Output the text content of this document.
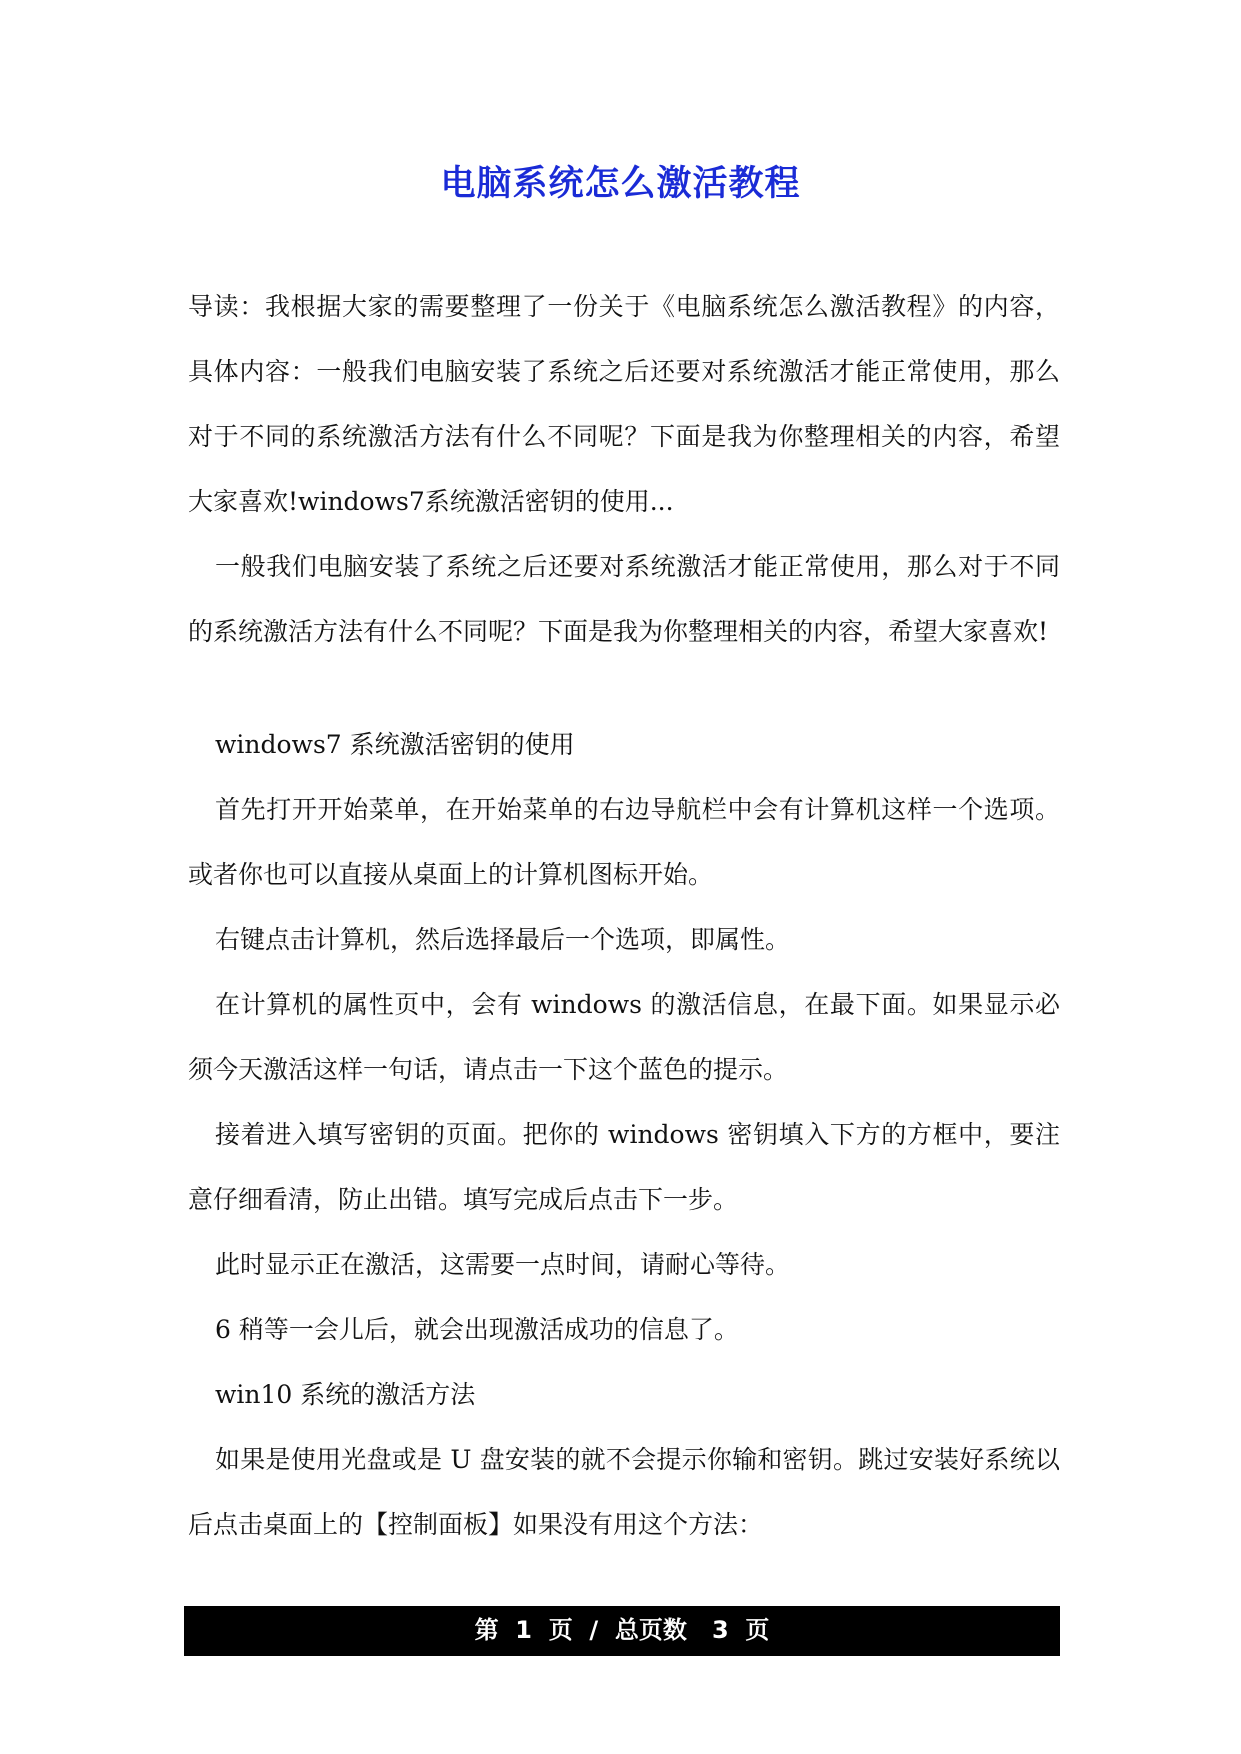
电脑系统怎么激活教程

导读：我根据大家的需要整理了一份关于《电脑系统怎么激活教程》的内容，具体内容：一般我们电脑安装了系统之后还要对系统激活才能正常使用，那么对于不同的系统激活方法有什么不同呢？下面是我为你整理相关的内容，希望大家喜欢!windows7系统激活密钥的使用...

一般我们电脑安装了系统之后还要对系统激活才能正常使用，那么对于不同的系统激活方法有什么不同呢？下面是我为你整理相关的内容，希望大家喜欢!

windows7 系统激活密钥的使用

首先打开开始菜单，在开始菜单的右边导航栏中会有计算机这样一个选项。或者你也可以直接从桌面上的计算机图标开始。

右键点击计算机，然后选择最后一个选项，即属性。

在计算机的属性页中，会有 windows 的激活信息，在最下面。如果显示必须今天激活这样一句话，请点击一下这个蓝色的提示。

接着进入填写密钥的页面。把你的 windows 密钥填入下方的方框中，要注意仔细看清，防止出错。填写完成后点击下一步。

此时显示正在激活，这需要一点时间，请耐心等待。

6 稍等一会儿后，就会出现激活成功的信息了。

win10 系统的激活方法

如果是使用光盘或是 U 盘安装的就不会提示你输和密钥。跳过安装好系统以后点击桌面上的【控制面板】如果没有用这个方法：

第  1  页  /  总页数   3  页
